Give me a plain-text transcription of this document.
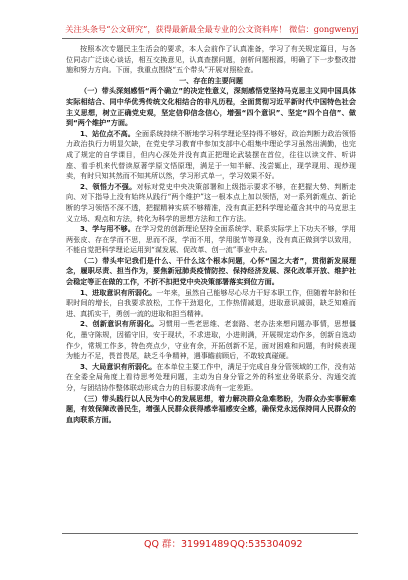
关注头条号“公文研究”，获得最新最全最专业的公文资料库！ 微信：gongwenyj

按照本次专题民主生活会的要求，本人会前作了认真准备，学习了有关规定篇目，与各位同志广泛谈心谈话，相互交换意见，认真查摆问题，剖析问题根源，明确了下一步整改措施和努力方向。下面，我重点围绕“五个带头”开展对照检查。

一、存在的主要问题

（一）带头深刻感悟“两个确立”的决定性意义，深刻感悟党坚持马克思主义同中国具体实际相结合、同中华优秀传统文化相结合的非凡历程，全面贯彻习近平新时代中国特色社会主义思想，树立正确党史观，坚定信仰信念信心，增强“四个意识”、坚定“四个自信”、做到“两个维护”方面。

1、站位点不高。全面系统持续不断地学习科学理论坚持得不够好，政治判断力政治领悟力政治执行力明显欠缺，在党史学习教育中参加支部中心组集中理论学习虽然出满勤，也完成了规定的自学课目，但内心深处并没有真正把理论武装摆在首位，往往以读文件、听讲座、看手机来代替读原著学原文悟原理，满足于一知半解、浅尝辄止，现学现用、现炒现卖，有时只知其然而不知其所以然，学习形式单一，学习效果不好。

2、领悟力不强。对标对党史中央决策部署和上级指示要求不够，在把握大势、判断走向、对下指导上没有始终从践行“两个维护”这一根本点上加以领悟，对一系列新观点、新论断的学习领悟不深不透，把握精神实质不够精准，没有真正把科学理论蕴含其中的马克思主义立场、观点和方法，转化为科学的思想方法和工作方法。

3、学与用不够。在学习党的创新理论坚持全面系统学、联系实际学上下功夫不够，学用两张皮、存在学而不思，思而不深，学而不用，学用脱节等现象，没有真正做到学以致用，不能自觉把科学理论运用到“谋发展、促改革、创一流”事业中去。

（二）带头牢记我们是什么、干什么这个根本问题，心怀“国之大者”，贯彻新发展理念，履职尽责、担当作为，要焦新冠肺炎疫情防控、保持经济发展、深化改革开放、维护社会稳定等正在做的工作，不折不扣把党中央决策部署落实到位方面。

1、进取意识有所弱化。一年来，虽然自己能够尽心尽力干好本职工作，但随着年龄和任职时间的增长，自我要求放松，工作干劲退化，工作热情减退，进取意识减弱，缺乏知难而进、真抓实干，勇创一流的进取和担当精神。

2、创新意识有所弱化。习惯用一些老思维、老套路、老办法来想问题办事情，思想僵化，墨守陈规，因循守旧，安于现状，不求进取，小进则满，开展规定动作多，创新自选动作少，常规工作多，特色亮点少，守业有余，开拓创新不足，面对困难和问题，有时候表现为能力不足，畏首畏尾，缺乏斗争精神，遇事瞻前顾后，不敢较真碰硬。

3、大局意识有所弱化。在本单位主要工作中，满足于完成自身分管领域的工作，没有站在全委全局角度上看待思考处理问题，主动为自身分管之外的科室业务联系分、沟通交流分，与团结协作整体联动形成合力的目标要求尚有一定差距。

（三）带头践行以人民为中心的发展思想，着力解决群众急难愁盼，为群众办实事解难题，有效保障改善民生，增强人民群众获得感幸福感安全感，确保党永远保持同人民群众的血肉联系方面。

QQ 群：31991489 QQ:535304092
